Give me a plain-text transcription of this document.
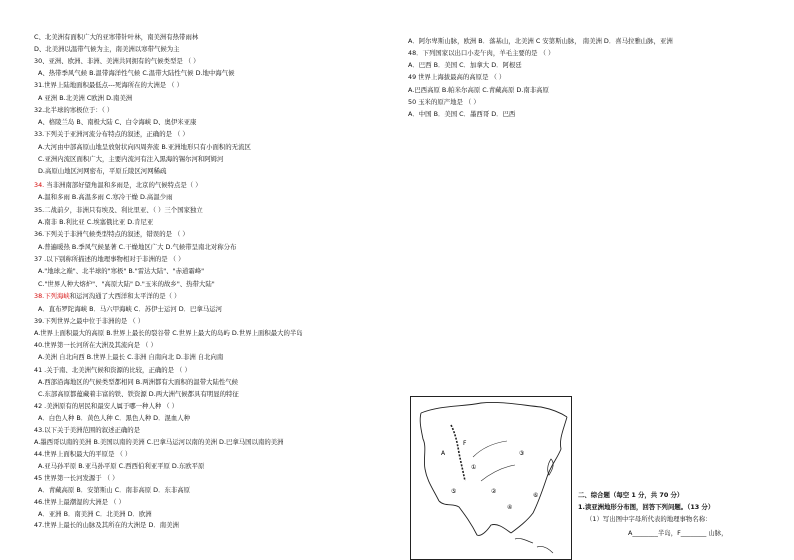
C、北美洲有面积广大的亚寒带针叶林，南美洲有热带雨林
D、北美洲以温带气候为主，南美洲以寒带气候为主
30、亚洲、欧洲、非洲、美洲共同拥有的气候类型是 （ ）
A、热带季风气候 B.温带海洋性气候 C.温带大陆性气候 D.地中海气候
31.世界上陆地面积最低点---死海所在的大洲是 （ ）
A 亚洲 B.北美洲 C欧洲 D.南美洲
32.北半球的寒极位于：（ ）
A、格陵兰岛 B、南极大陆 C、白令海峡 D、奥伊米亚康
33.下列关于亚洲河流分布特点的叙述，正确的是 （ ）
A.大河由中部高原山地呈放射状向四周奔流 B.亚洲地形只有小面积的无流区
C.亚洲内流区面积广大，主要内流河有注入黑海的锡尔河和阿姆河
D.高原山地区河网密布，平原丘陵区河网稀疏
34. 当非洲南部好望角温和多雨是，北京的气候特点是（ ）
A.温和多雨 B.高温多雨 C.寒冷干燥 D.高温少雨
35.二战前夕，非洲只有埃及、利比里亚、（ ）三个国家独立
A.南非 B.利比亚 C.埃塞俄比亚 D.肯尼亚
36.下列关于非洲气候类型特点的叙述，错误的是 （ ）
A.普遍暖热 B.季风气候显著 C.干燥地区广大 D.气候带呈南北对称分布
37 .以下别称所描述的地理事物相对于非洲的是 （ ）
A."地球之巅"、北半球的"寒极" B."雷达大陆"、"赤道霜峰"
C."世界人种大熔炉"、"高原大陆" D."玉米的故乡"、热带大陆"
38.下列海峡和运河沟通了大西洋和太平洋的是（ ）
A．直布罗陀海峡 B．马六甲海峡 C．苏伊士运河 D．巴拿马运河
39.下列世界之最中位于非洲的是 （ ）
A.世界上面积最大的高原 B.世界上最长的裂谷带 C.世界上最大的岛屿 D.世界上面积最大的半岛
40.世界第一长河所在大洲及其流向是 （ ）
A.美洲 自北向西 B.世界上最长 C.非洲 自南向北 D.非洲 自北向南
41 .关于南、北美洲气候和资源的比较，正确的是 （ ）
A.西部沿海地区的气候类型都相同 B.两洲都有大面积的温带大陆性气候
C.东部高原都蕴藏着丰富的铁、铁资源 D.两大洲气候都具有明显的特征
42 .美洲原有的居民和最安人属于哪一种人种 （ ）
A．白色人种 B．黄色人种 C．黑色人种 D．混血人种
43.以下关于美洲范围的叙述正确的是
A.墨西哥以南的美洲 B.美国以南的美洲 C.巴拿马运河以南的美洲 D.巴拿马国以南的美洲
44.世界上面积最大的平原是 （ ）
A.亚马孙平原 B.亚马孙平原 C.西西伯利亚平原 D.东欧平原
45 世界第一长河发源于 （ ）
A．青藏高原 B．安第斯山 C．南非高原 D．东非高原
46.世界上最潮湿的大洲是 （ ）
A．亚洲 B．南美洲 C．北美洲 D．欧洲
47.世界上最长的山脉及其所在的大洲是 D．南美洲
A．阿尔卑斯山脉，欧洲 B．落基山，北美洲 C 安第斯山脉， 南美洲 D．喜马拉雅山脉，亚洲
48．下列国家以出口小麦午肉，羊毛主要的是 （ ）
A．巴西 B．美国 C．加拿大 D．阿根廷
49 世界上海拔最高的高原是 （ ）
A.巴西高原 B.帕米尔高原 C.青藏高原 D.南非高原
50 玉米的原产地是 （ ）
A．中国 B．美国 C．墨西哥 D．巴西
二、综合题（每空 1 分，共 70 分）
1.读亚洲地形分布图，回答下列问题。（13 分）
（1）写出图中字母所代表的地理事物名称：
A________半岛，F________ 山脉，
A
F
①
②
③
④
⑤
⑥
